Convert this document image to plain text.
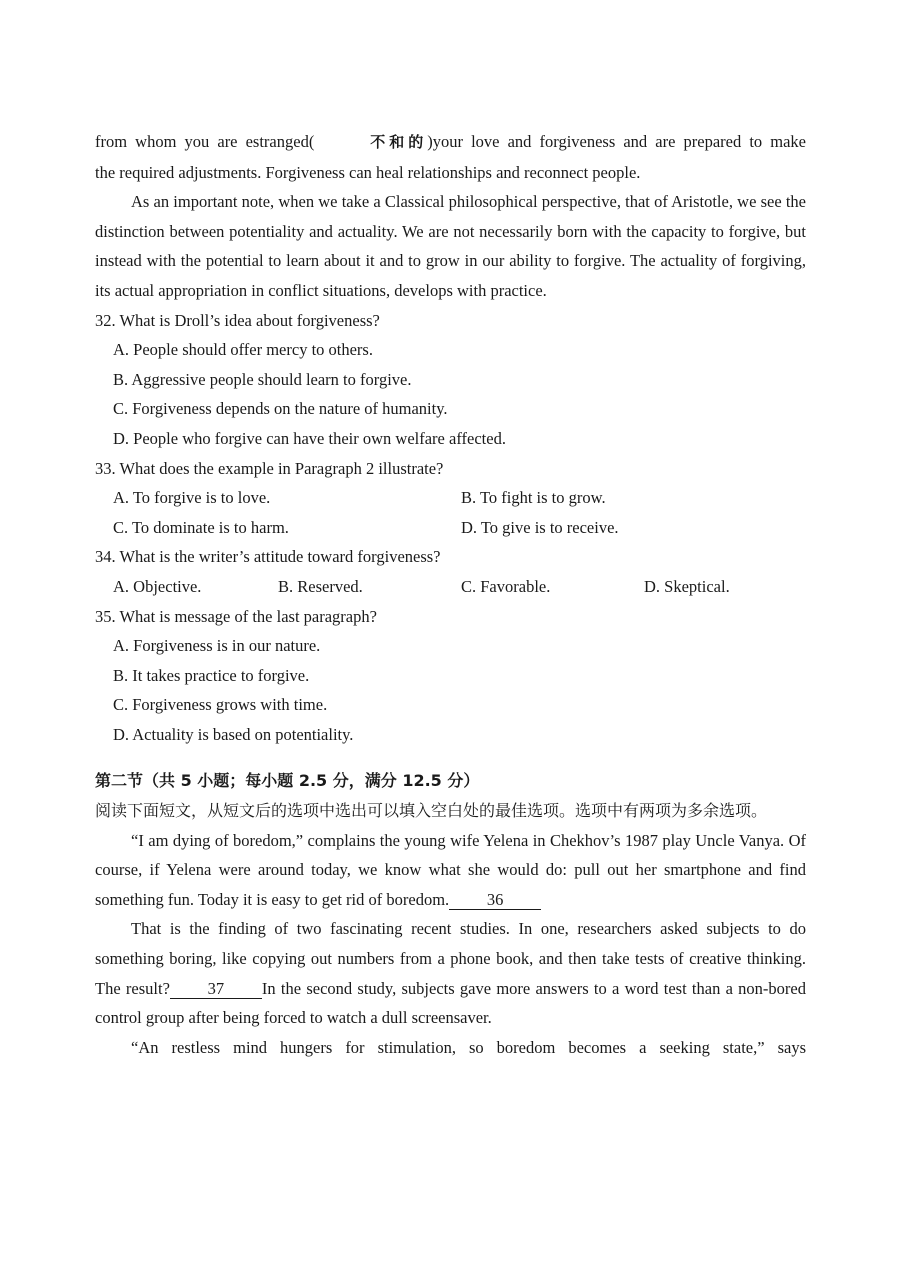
from whom you are estranged(	不和的)your love and forgiveness and are prepared to make

the required adjustments. Forgiveness can heal relationships and reconnect people.

As an important note, when we take a Classical philosophical perspective, that of Aristotle, we see the distinction between potentiality and actuality. We are not necessarily born with the capacity to forgive, but instead with the potential to learn about it and to grow in our ability to forgive. The actuality of forgiving, its actual appropriation in conflict situations, develops with practice.

32. What is Droll’s idea about forgiveness?

A. People should offer mercy to others.

B. Aggressive people should learn to forgive.

C. Forgiveness depends on the nature of humanity.

D. People who forgive can have their own welfare affected.

33. What does the example in Paragraph 2 illustrate?

A. To forgive is to love.	B. To fight is to grow.
C. To dominate is to harm.	D. To give is to receive.

34. What is the writer’s attitude toward forgiveness?

A. Objective.	B. Reserved.	C. Favorable.	D. Skeptical.

35. What is message of the last paragraph?

A. Forgiveness is in our nature.

B. It takes practice to forgive.

C. Forgiveness grows with time.

D. Actuality is based on potentiality.

第二节（共 5 小题；每小题 2.5 分，满分 12.5 分）

阅读下面短文，从短文后的选项中选出可以填入空白处的最佳选项。选项中有两项为多余选项。

“I am dying of boredom,” complains the young wife Yelena in Chekhov’s 1987 play Uncle Vanya. Of course, if Yelena were around today, we know what she would do: pull out her smartphone and find something fun. Today it is easy to get rid of boredom. 36

That is the finding of two fascinating recent studies. In one, researchers asked subjects to do something boring, like copying out numbers from a phone book, and then take tests of creative thinking. The result? 37 In the second study, subjects gave more answers to a word test than a non-bored control group after being forced to watch a dull screensaver.

“An restless mind hungers for stimulation, so boredom becomes a seeking state,” says
